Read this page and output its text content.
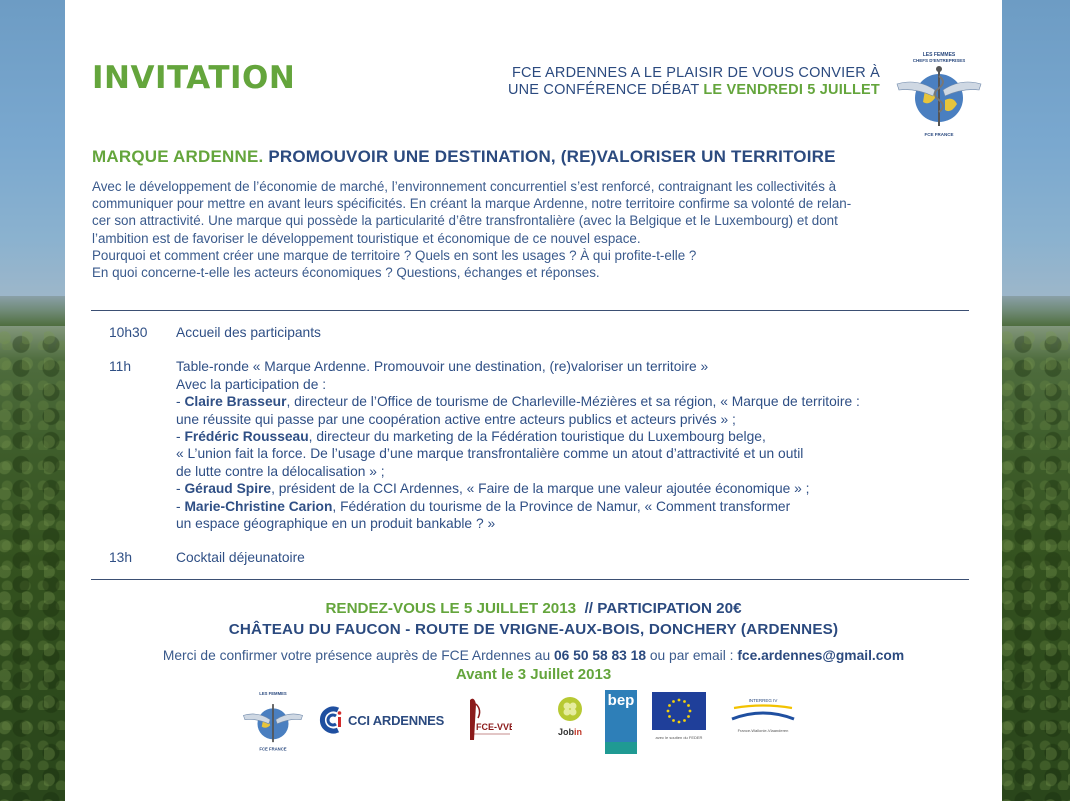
INVITATION	FCE ARDENNES A LE PLAISIR DE VOUS CONVIER À
UNE CONFÉRENCE DÉBAT LE VENDREDI 5 JUILLET
LES FEMMES
CHEFS D'ENTREPRISES
FCE FRANCE
MARQUE ARDENNE. PROMOUVOIR UNE DESTINATION, (RE)VALORISER UN TERRITOIRE

Avec le développement de l’économie de marché, l’environnement concurrentiel s’est renforcé, contraignant les collectivités à

communiquer pour mettre en avant leurs spécificités. En créant la marque Ardenne, notre territoire confirme sa volonté de relan-

cer son attractivité. Une marque qui possède la particularité d’être transfrontalière (avec la Belgique et le Luxembourg) et dont

l’ambition est de favoriser le développement touristique et économique de ce nouvel espace.

Pourquoi et comment créer une marque de territoire ? Quels en sont les usages ? À qui profite-t-elle ?

En quoi concerne-t-elle les acteurs économiques ? Questions, échanges et réponses.

10h30	Accueil des participants
11h	Table-ronde « Marque Ardenne. Promouvoir une destination, (re)valoriser un territoire »

Avec la participation de :

- Claire Brasseur, directeur de l’Office de tourisme de Charleville-Mézières et sa région, « Marque de territoire :

une réussite qui passe par une coopération active entre acteurs publics et acteurs privés » ;

- Frédéric Rousseau, directeur du marketing de la Fédération touristique du Luxembourg belge,

« L’union fait la force. De l’usage d’une marque transfrontalière comme un atout d’attractivité et un outil

de lutte contre la délocalisation » ;

- Géraud Spire, président de la CCI Ardennes, « Faire de la marque une valeur ajoutée économique » ;

- Marie-Christine Carion, Fédération du tourisme de la Province de Namur, « Comment transformer

un espace géographique en un produit bankable ? »

13h	Cocktail déjeunatoire
RENDEZ-VOUS LE 5 JUILLET 2013  // PARTICIPATION 20€
CHÂTEAU DU FAUCON - ROUTE DE VRIGNE-AUX-BOIS, DONCHERY (ARDENNES)
Merci de confirmer votre présence auprès de FCE Ardennes au 06 50 58 83 18 ou par email : fce.ardennes@gmail.com
Avant le 3 Juillet 2013
LES FEMMES
FCE FRANCE
CCI ARDENNES	FCE-VVB	Jobin
bep
avec le soutien du FEDER
INTERREG IV
France-Wallonie-Vlaanderen
